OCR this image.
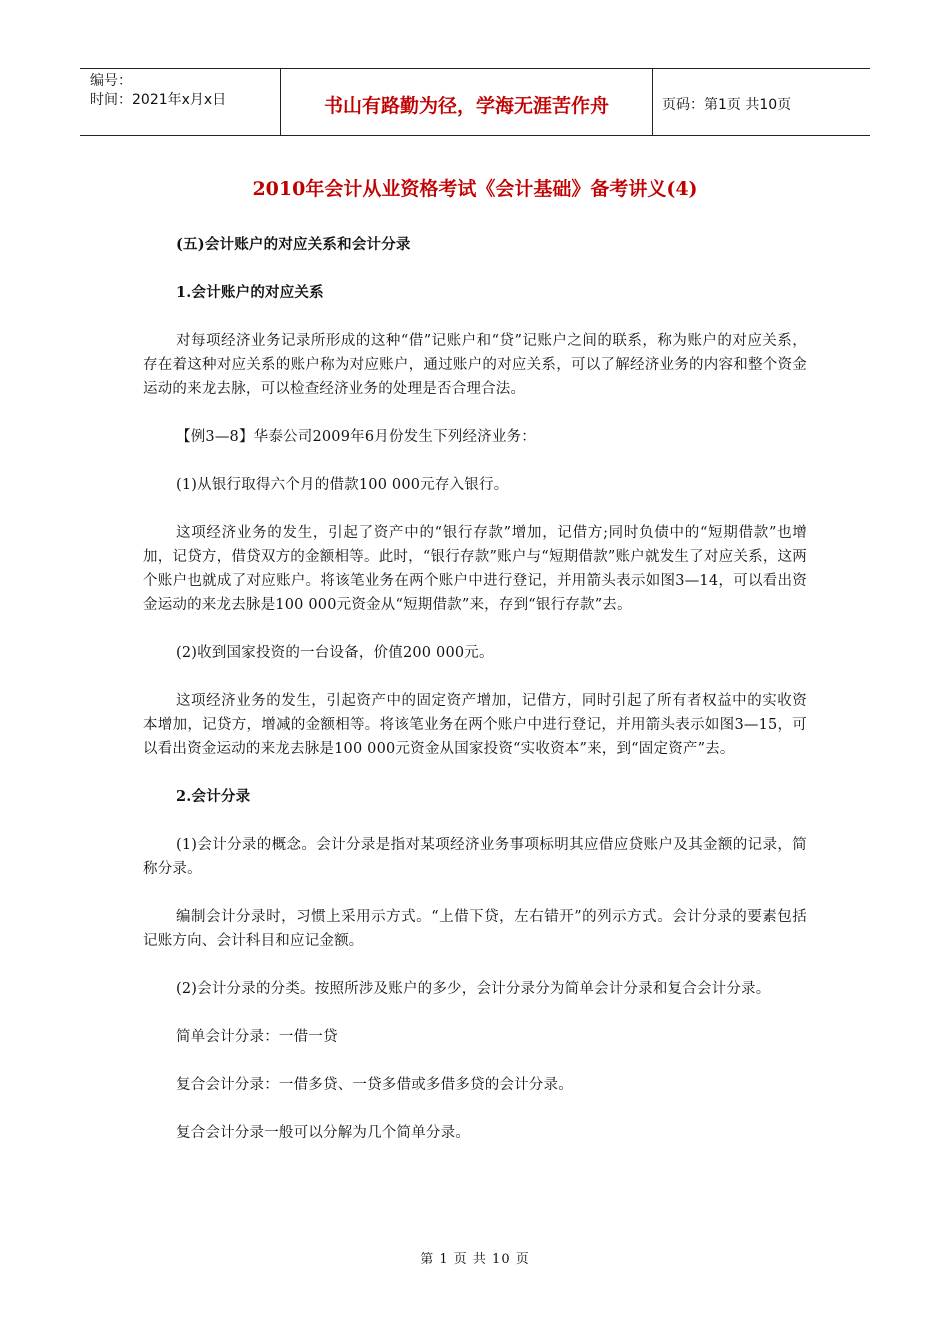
编号：
时间：2021年x月x日	书山有路勤为径，学海无涯苦作舟	页码：第1页 共10页
2010年会计从业资格考试《会计基础》备考讲义(4)

(五)会计账户的对应关系和会计分录

1.会计账户的对应关系

对每项经济业务记录所形成的这种“借”记账户和“贷”记账户之间的联系，称为账户的对应关系，存在着这种对应关系的账户称为对应账户，通过账户的对应关系，可以了解经济业务的内容和整个资金运动的来龙去脉，可以检查经济业务的处理是否合理合法。

【例3—8】华泰公司2009年6月份发生下列经济业务：

(1)从银行取得六个月的借款100 000元存入银行。

这项经济业务的发生，引起了资产中的“银行存款”增加，记借方;同时负债中的“短期借款”也增加，记贷方，借贷双方的金额相等。此时，“银行存款”账户与“短期借款”账户就发生了对应关系，这两个账户也就成了对应账户。将该笔业务在两个账户中进行登记，并用箭头表示如图3—14，可以看出资金运动的来龙去脉是100 000元资金从“短期借款”来，存到“银行存款”去。

(2)收到国家投资的一台设备，价值200 000元。

这项经济业务的发生，引起资产中的固定资产增加，记借方，同时引起了所有者权益中的实收资本增加，记贷方，增减的金额相等。将该笔业务在两个账户中进行登记，并用箭头表示如图3—15，可以看出资金运动的来龙去脉是100 000元资金从国家投资“实收资本”来，到“固定资产”去。

2.会计分录

(1)会计分录的概念。会计分录是指对某项经济业务事项标明其应借应贷账户及其金额的记录，简称分录。

编制会计分录时，习惯上采用示方式。“上借下贷，左右错开”的列示方式。会计分录的要素包括记账方向、会计科目和应记金额。

(2)会计分录的分类。按照所涉及账户的多少，会计分录分为简单会计分录和复合会计分录。

简单会计分录：一借一贷

复合会计分录：一借多贷、一贷多借或多借多贷的会计分录。

复合会计分录一般可以分解为几个简单分录。

第 1 页 共 10 页
